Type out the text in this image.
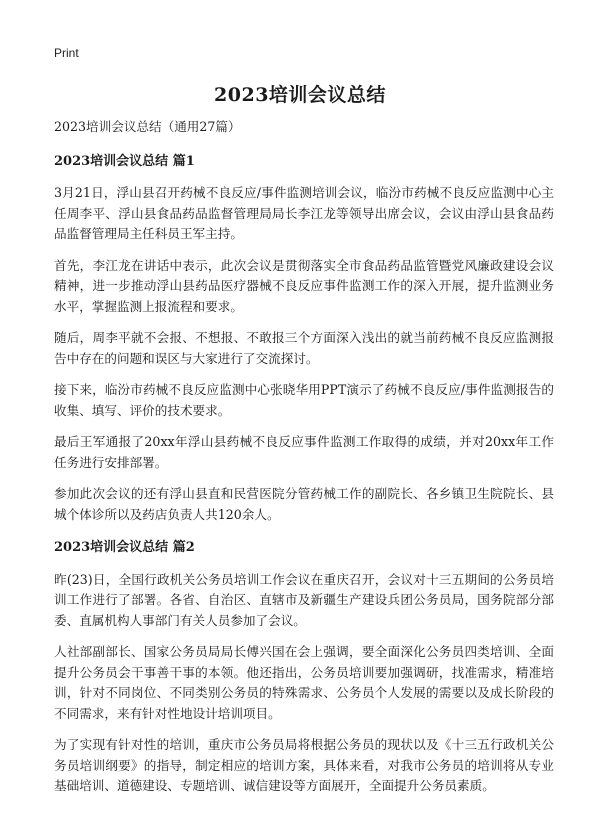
Print
2023培训会议总结

2023培训会议总结（通用27篇）

2023培训会议总结 篇1

3月21日，浮山县召开药械不良反应/事件监测培训会议，临汾市药械不良反应监测中心主任周李平、浮山县食品药品监督管理局局长李江龙等领导出席会议，会议由浮山县食品药品监督管理局主任科员王军主持。

首先，李江龙在讲话中表示，此次会议是贯彻落实全市食品药品监管暨党风廉政建设会议精神，进一步推动浮山县药品医疗器械不良反应事件监测工作的深入开展，提升监测业务水平，掌握监测上报流程和要求。

随后，周李平就不会报、不想报、不敢报三个方面深入浅出的就当前药械不良反应监测报告中存在的问题和误区与大家进行了交流探讨。

接下来，临汾市药械不良反应监测中心张晓华用PPT演示了药械不良反应/事件监测报告的收集、填写、评价的技术要求。

最后王军通报了20xx年浮山县药械不良反应事件监测工作取得的成绩，并对20xx年工作任务进行安排部署。

参加此次会议的还有浮山县直和民营医院分管药械工作的副院长、各乡镇卫生院院长、县城个体诊所以及药店负责人共120余人。

2023培训会议总结 篇2

昨(23)日，全国行政机关公务员培训工作会议在重庆召开，会议对十三五期间的公务员培训工作进行了部署。各省、自治区、直辖市及新疆生产建设兵团公务员局，国务院部分部委、直属机构人事部门有关人员参加了会议。

人社部副部长、国家公务员局局长傅兴国在会上强调，要全面深化公务员四类培训、全面提升公务员会干事善干事的本领。他还指出，公务员培训要加强调研，找准需求，精准培训，针对不同岗位、不同类别公务员的特殊需求、公务员个人发展的需要以及成长阶段的不同需求，来有针对性地设计培训项目。

为了实现有针对性的培训，重庆市公务员局将根据公务员的现状以及《十三五行政机关公务员培训纲要》的指导，制定相应的培训方案，具体来看，对我市公务员的培训将从专业基础培训、道德建设、专题培训、诚信建设等方面展开，全面提升公务员素质。
